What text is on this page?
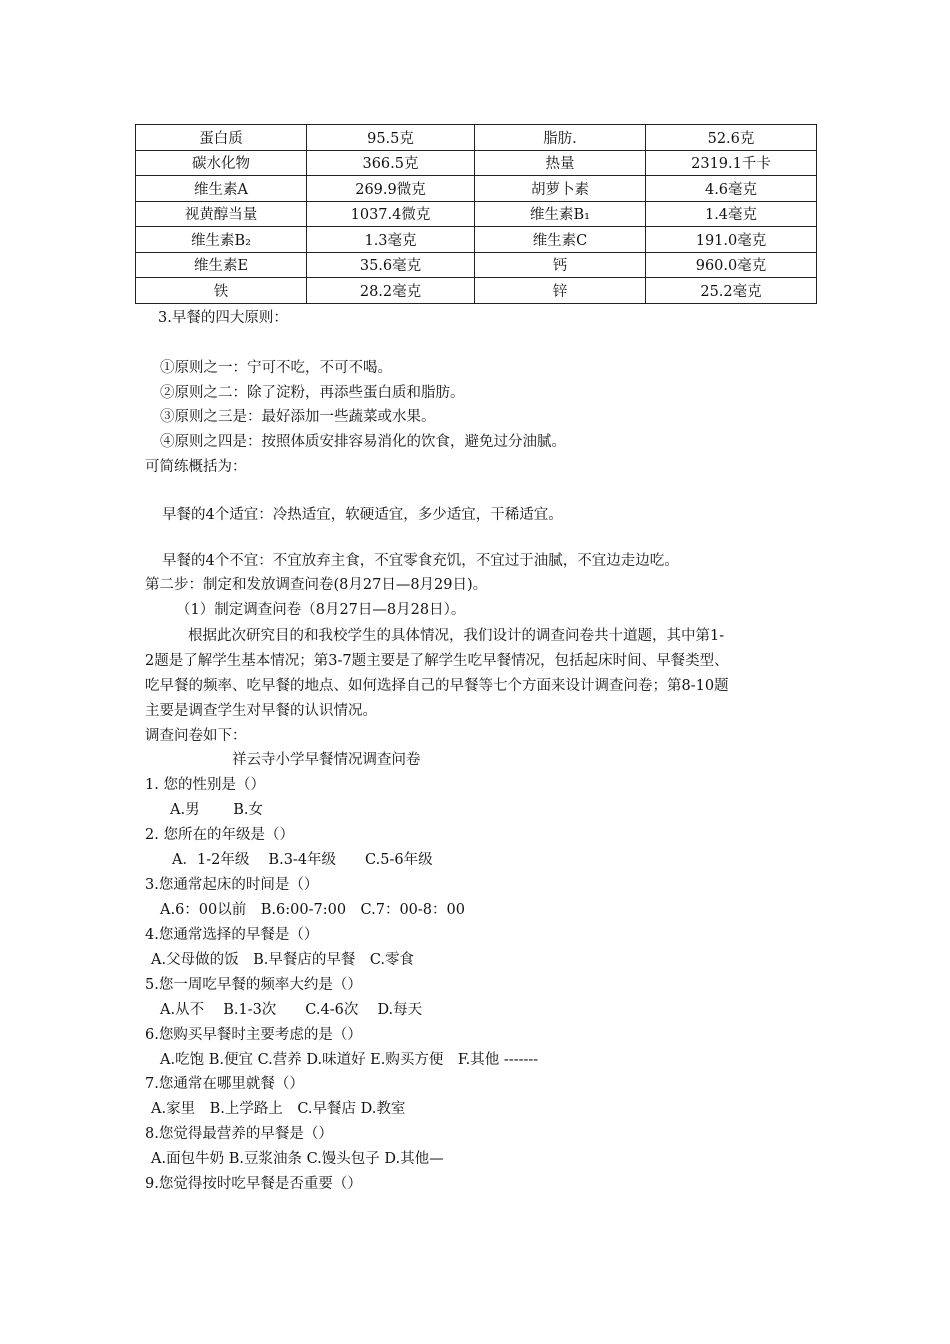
蛋白质	95.5克	脂肪.	52.6克
碳水化物	366.5克	热量	2319.1千卡
维生素A	269.9微克	胡萝卜素	4.6毫克
视黄醇当量	1037.4微克	维生素B₁	1.4毫克
维生素B₂	1.3毫克	维生素C	191.0毫克
维生素E	35.6毫克	钙	960.0毫克
铁	28.2毫克	锌	25.2毫克
3.早餐的四大原则：
①原则之一：宁可不吃，不可不喝。
②原则之二：除了淀粉，再添些蛋白质和脂肪。
③原则之三是：最好添加一些蔬菜或水果。
④原则之四是：按照体质安排容易消化的饮食，避免过分油腻。
可简练概括为：
早餐的4个适宜：冷热适宜，软硬适宜，多少适宜，干稀适宜。
早餐的4个不宜：不宜放弃主食，不宜零食充饥，不宜过于油腻，不宜边走边吃。
第二步：制定和发放调查问卷(8月27日—8月29日)。
（1）制定调查问卷（8月27日—8月28日）。
根据此次研究目的和我校学生的具体情况，我们设计的调查问卷共十道题，其中第1-
2题是了解学生基本情况；第3-7题主要是了解学生吃早餐情况，包括起床时间、早餐类型、
吃早餐的频率、吃早餐的地点、如何选择自己的早餐等七个方面来设计调查问卷；第8-10题
主要是调查学生对早餐的认识情况。
调查问卷如下：
祥云寺小学早餐情况调查问卷
1. 您的性别是（）
A.男　　 B.女
2. 您所在的年级是（）
A．1-2年级　 B.3-4年级　　C.5-6年级
3.您通常起床的时间是（）
A.6：00以前　B.6:00-7:00　C.7：00-8：00
4.您通常选择的早餐是（）
A.父母做的饭　B.早餐店的早餐　C.零食
5.您一周吃早餐的频率大约是（）
A.从不　 B.1-3次　　C.4-6次　 D.每天
6.您购买早餐时主要考虑的是（）
A.吃饱 B.便宜 C.营养 D.味道好 E.购买方便　F.其他 -------
7.您通常在哪里就餐（）
A.家里　B.上学路上　C.早餐店 D.教室
8.您觉得最营养的早餐是（）
A.面包牛奶 B.豆浆油条 C.馒头包子 D.其他—
9.您觉得按时吃早餐是否重要（）
